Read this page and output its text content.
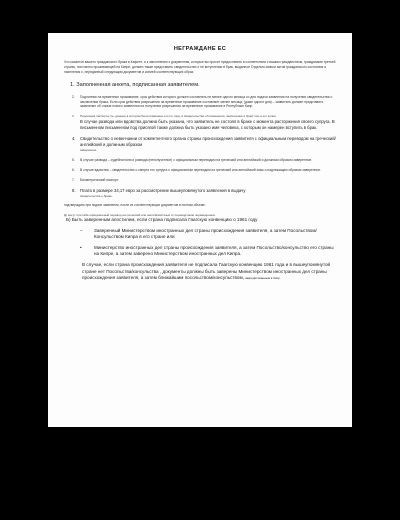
НЕГРАЖДАНЕ ЕС
Что касается вашего гражданского брака в Кафете, я к заполнению к документам, которые вы просит предоставить в соответствии с вашим гражданством, гражданами третьей страны, постоянно проживающей на Кипре: должен также представить свидетельство о не вступлении в брак, выданное Отделом записи актов гражданского состояния и населения с, переданный следующим документов и копией соответствующих образ.
1. Заполненная анкета, подписанная заявителем.
2. Подлинник на временное проживание, срок действия которого должен составлять не менее одного месяца со дня подачи заявления на получение свидетельства о заключении брака. Если срок действия разрешения на временное проживание составляет менее месяца, (даже одного дня) – заявитель должен представить заявление об отказе нового заявления на получение разрешения на временное проживание в Республике Кипр.
3. Подлинник паспорта (те, данные в котором были изменены его по тому, в свидетельстве об изменении, заключение в брак) лиц и его копии.
В случае развода или вдовства должна быть указана, что заявитель не состоял в браке с момента расторжения своего супруга. В письменном письменном под присягой также должна быть указано имя человека, с которым он намерен вступить в брак.
4. Свидетельство о невенчании от компетентного органа страны происхождения заявителя с официальным переводом на греческий/английский и должным образом
заверенное.
5. В случае развода – судебное/или и развода (неполученное) с официальным переводом на греческий или английский и должным образом заверенное.
6. В случае вдовства – свидетельство о смерти его супруга с официальным переводом на греческий или английский язык и надлежащим образом заверенное.
7. Биометрический паспорт.
8. Плата в размере 34,17 евро за рассмотрение вышеупомянутого заявления в выдачу
свидетельства о браке.
подтверждать при подаче заявления, после из соответствующих документов в полном объеме.
Д) могут при себе официальный перевод на греческий или английский язык от переводчиков переведенных.
Б) Быть заверенным апостилем, если страна подписала Гаагскую конвенцию о 1961 году
– Заверенный Министерством иностранных дел страны происхождения заявителя, а затем Посольством/Консульством Кипра в его стране или
•	Министерство иностранных дел страны происхождения заявителя, а затем Посольство/консульство его страны на Кипре, а затем заверено Министерством иностранных дел Кипра.
В случае, если страна происхождения заявителя не подписала Гаагскую конвенцию 1961 года и в вышеупомянутой стране нет Посольства/консульства , документы должны быть заверены Министерством иностранных дел страны происхождения заявителя, а затем ближайшим посольством/консульством, аккредитованным в Кипр.
